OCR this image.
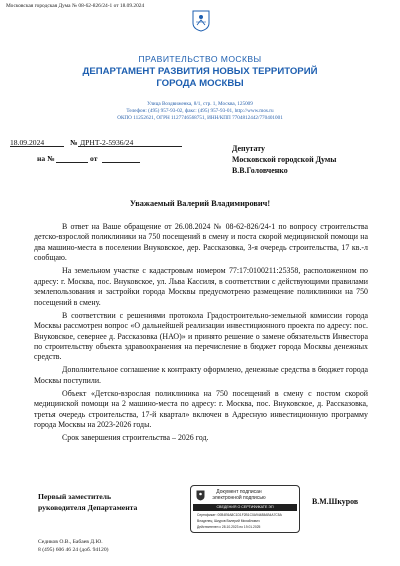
Московская городская Дума № 08-62-826/24-1 от 18.09.2024
ПРАВИТЕЛЬСТВО МОСКВЫ
ДЕПАРТАМЕНТ РАЗВИТИЯ НОВЫХ ТЕРРИТОРИЙ
ГОРОДА МОСКВЫ
Улица Воздвиженка, 8/1, стр. 1, Москва, 125009
Телефон: (495) 957-93-02, факс: (495) 957-93-01, http://www.mos.ru
ОКПО 11252621, ОГРН 1127746568751, ИНН/КПП 7704812442/770401001
18.09.2024	№ ДРНТ-2-5936/24
на №	от
Депутату
Московской городской Думы
В.В.Головченко
Уважаемый Валерий Владимирович!

В ответ на Ваше обращение от 26.08.2024 № 08-62-826/24-1 по вопросу строительства детско-взрослой поликлиники на 750 посещений в смену и поста скорой медицинской помощи на два машино-места в поселении Внуковское, дер. Рассказовка, 3-я очередь строительства, 17 кв.-л сообщаю.

На земельном участке с кадастровым номером 77:17:0100211:25358, расположенном по адресу: г. Москва, пос. Внуковское, ул. Льва Кассиля, в соответствии с действующими правилами землепользования и застройки города Москвы предусмотрено размещение поликлиники на 750 посещений в смену.

В соответствии с решениями протокола Градостроительно-земельной комиссии города Москвы рассмотрен вопрос «О дальнейшей реализации инвестиционного проекта по адресу: пос. Внуковское, севернее д. Рассказовка (НАО)» и принято решение о замене обязательств Инвестора по строительству объекта здравоохранения на перечисление в бюджет города Москвы денежных средств.

Дополнительное соглашение к контракту оформлено, денежные средства в бюджет города Москвы поступили.

Объект «Детско-взрослая поликлиника на 750 посещений в смену с постом скорой медицинской помощи на 2 машино-места по адресу: г. Москва, пос. Внуковское, д. Рассказовка, третья очередь строительства, 17-й квартал» включен в Адресную инвестиционную программу города Москвы на 2023-2026 годы.

Срок завершения строительства – 2026 год.

Первый заместитель
руководителя Департамента
Документ подписан
электронной подписью
СВЕДЕНИЯ О СЕРТИФИКАТЕ ЭП
Сертификат: 00B4E6A8C1D1F2B1C0A94488AB4A7C5A
Владелец: Шкуров Валерий Михайлович
Действителен с 28.10.2023 по 19.01.2025
В.М.Шкуров
Седиков О.В., Бабаев Д.Ю.
8 (495) 606 46 24 (доб. 94120)
